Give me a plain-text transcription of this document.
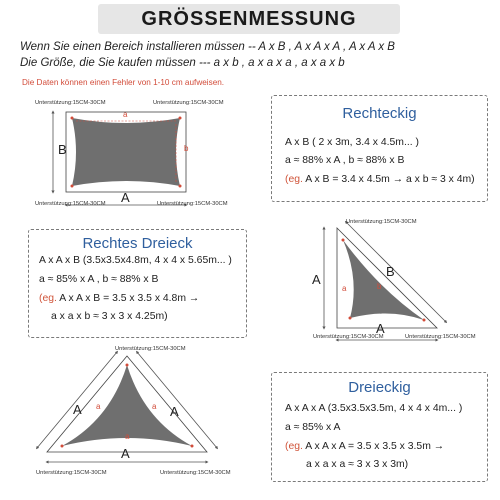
GRÖSSENMESSUNG
Wenn Sie einen Bereich installieren müssen -- A x B , A x A x A , A x A x B
Die Größe, die Sie kaufen müssen --- a x b , a x a x a , a x a x b
Die Daten können einen Fehler von 1-10 cm aufweisen.
Unterstützung:15CM-30CM	Unterstützung:15CM-30CM
Unterstützung:15CM-30CM	Unterstützung:15CM-30CM
A
B
a
b
Rechteckig
A x B ( 2 x 3m, 3.4 x 4.5m... )
a ≈ 88% x A , b ≈ 88% x B
(eg. A x B = 3.4 x 4.5m → a x b ≈ 3 x 4m)
Unterstützung:15CM-30CM
Unterstützung:15CM-30CM	Unterstützung:15CM-30CM
A
A
B
b
a
Rechtes Dreieck
A x A x B (3.5x3.5x4.8m, 4 x 4 x 5.65m... )
a ≈ 85% x A , b ≈ 88% x B
(eg. A x A x B = 3.5 x 3.5 x 4.8m →
a x a x b ≈ 3 x 3 x 4.25m)
Unterstützung:15CM-30CM
Unterstützung:15CM-30CM	Unterstützung:15CM-30CM
A	A
A
a	a
a
Dreieckig
A x A x A (3.5x3.5x3.5m, 4 x 4 x 4m... )
a ≈ 85% x A
(eg. A x A x A = 3.5 x 3.5 x 3.5m →
a x a x a ≈ 3 x 3 x 3m)
